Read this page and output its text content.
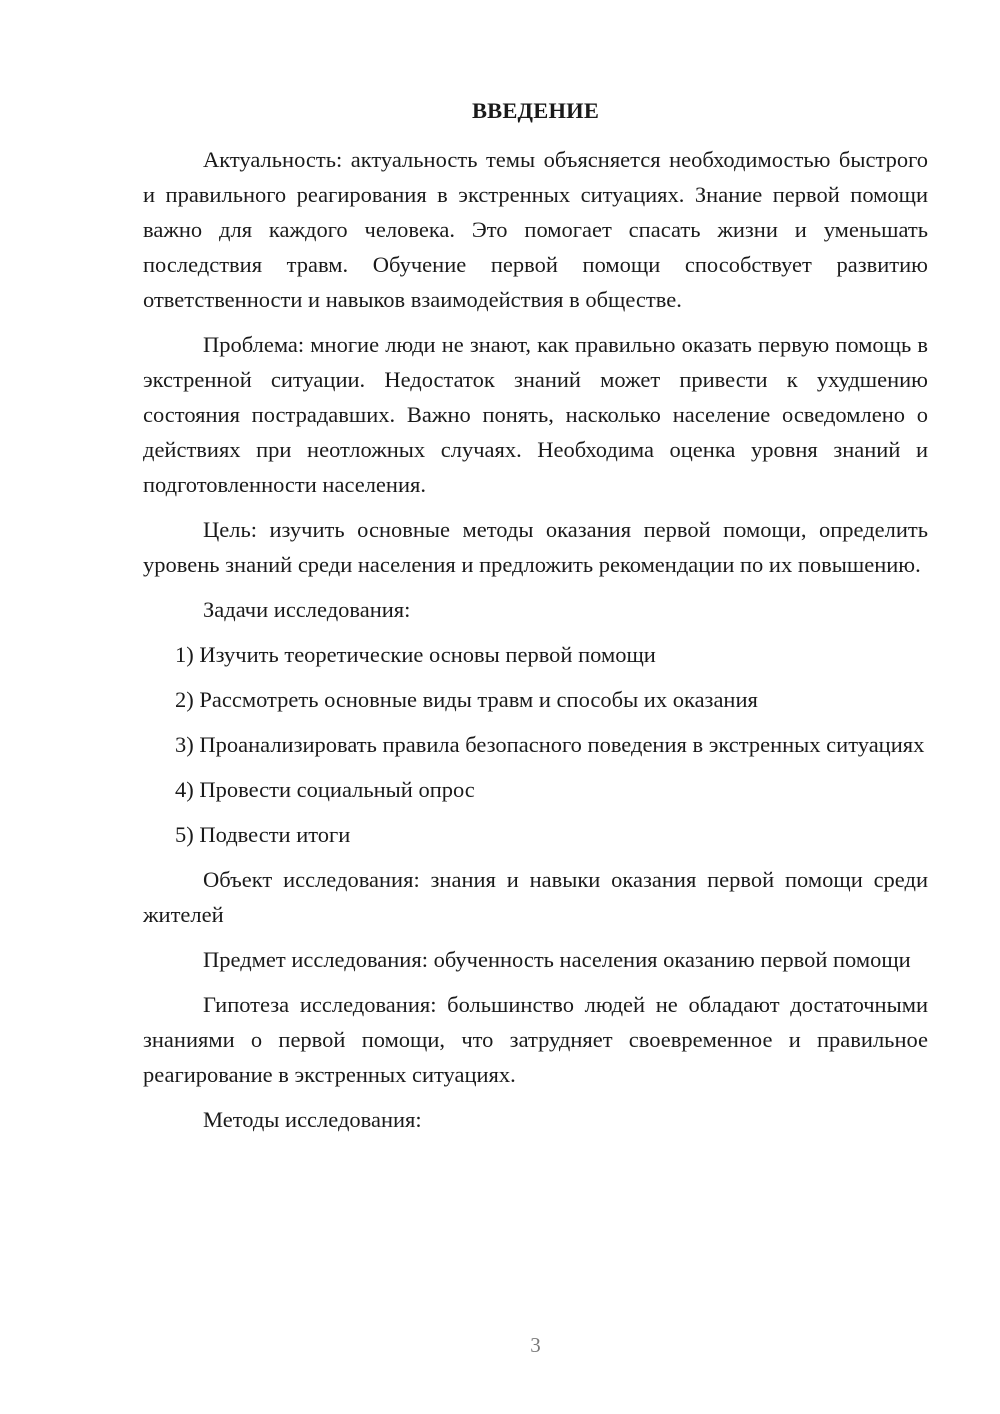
ВВЕДЕНИЕ

Актуальность: актуальность темы объясняется необходимостью быстрого и правильного реагирования в экстренных ситуациях. Знание первой помощи важно для каждого человека. Это помогает спасать жизни и уменьшать последствия травм. Обучение первой помощи способствует развитию ответственности и навыков взаимодействия в обществе.

Проблема: многие люди не знают, как правильно оказать первую помощь в экстренной ситуации. Недостаток знаний может привести к ухудшению состояния пострадавших. Важно понять, насколько население осведомлено о действиях при неотложных случаях. Необходима оценка уровня знаний и подготовленности населения.

Цель: изучить основные методы оказания первой помощи, определить уровень знаний среди населения и предложить рекомендации по их повышению.

Задачи исследования:

1) Изучить теоретические основы первой помощи

2) Рассмотреть основные виды травм и способы их оказания

3) Проанализировать правила безопасного поведения в экстренных ситуациях

4) Провести социальный опрос

5) Подвести итоги

Объект исследования: знания и навыки оказания первой помощи среди жителей

Предмет исследования: обученность населения оказанию первой помощи

Гипотеза исследования: большинство людей не обладают достаточными знаниями о первой помощи, что затрудняет своевременное и правильное реагирование в экстренных ситуациях.

Методы исследования:

3
